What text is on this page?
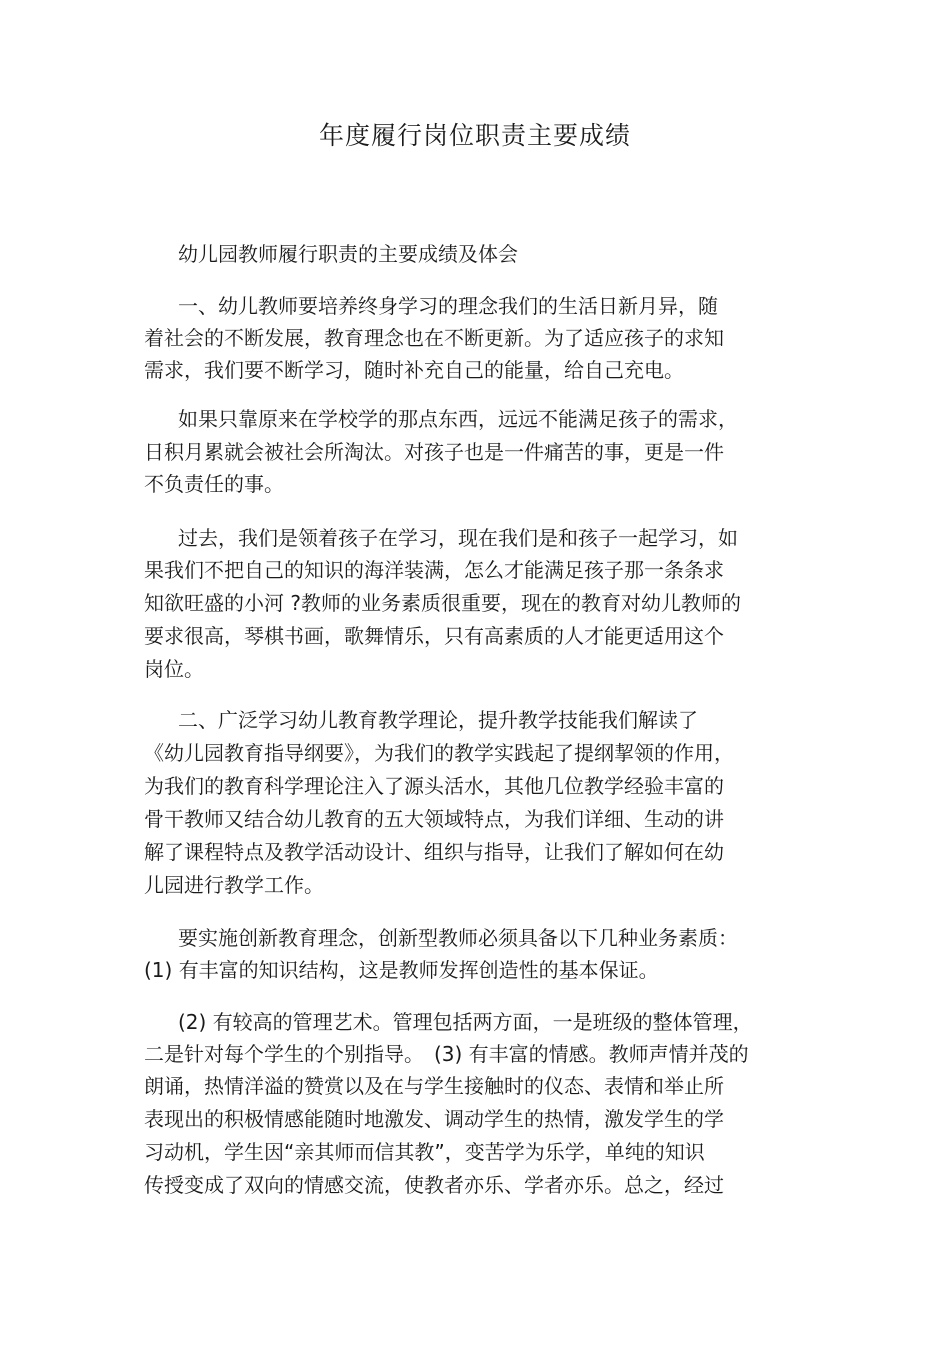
年度履行岗位职责主要成绩

幼儿园教师履行职责的主要成绩及体会

一、幼儿教师要培养终身学习的理念我们的生活日新月异，随

着社会的不断发展，教育理念也在不断更新。为了适应孩子的求知

需求，我们要不断学习，随时补充自己的能量，给自己充电。

如果只靠原来在学校学的那点东西，远远不能满足孩子的需求，

日积月累就会被社会所淘汰。对孩子也是一件痛苦的事，更是一件

不负责任的事。

过去，我们是领着孩子在学习，现在我们是和孩子一起学习，如

果我们不把自己的知识的海洋装满，怎么才能满足孩子那一条条求

知欲旺盛的小河 ?教师的业务素质很重要，现在的教育对幼儿教师的

要求很高，琴棋书画，歌舞情乐，只有高素质的人才能更适用这个

岗位。

二、广泛学习幼儿教育教学理论，提升教学技能我们解读了

《幼儿园教育指导纲要》，为我们的教学实践起了提纲挈领的作用，

为我们的教育科学理论注入了源头活水，其他几位教学经验丰富的

骨干教师又结合幼儿教育的五大领域特点，为我们详细、生动的讲

解了课程特点及教学活动设计、组织与指导，让我们了解如何在幼

儿园进行教学工作。

要实施创新教育理念，创新型教师必须具备以下几种业务素质：

(1) 有丰富的知识结构，这是教师发挥创造性的基本保证。

(2) 有较高的管理艺术。管理包括两方面，一是班级的整体管理，

二是针对每个学生的个别指导。　(3) 有丰富的情感。教师声情并茂的

朗诵，热情洋溢的赞赏以及在与学生接触时的仪态、表情和举止所

表现出的积极情感能随时地激发、调动学生的热情，激发学生的学

习动机，学生因“亲其师而信其教”，变苦学为乐学，单纯的知识

传授变成了双向的情感交流，使教者亦乐、学者亦乐。总之，经过
